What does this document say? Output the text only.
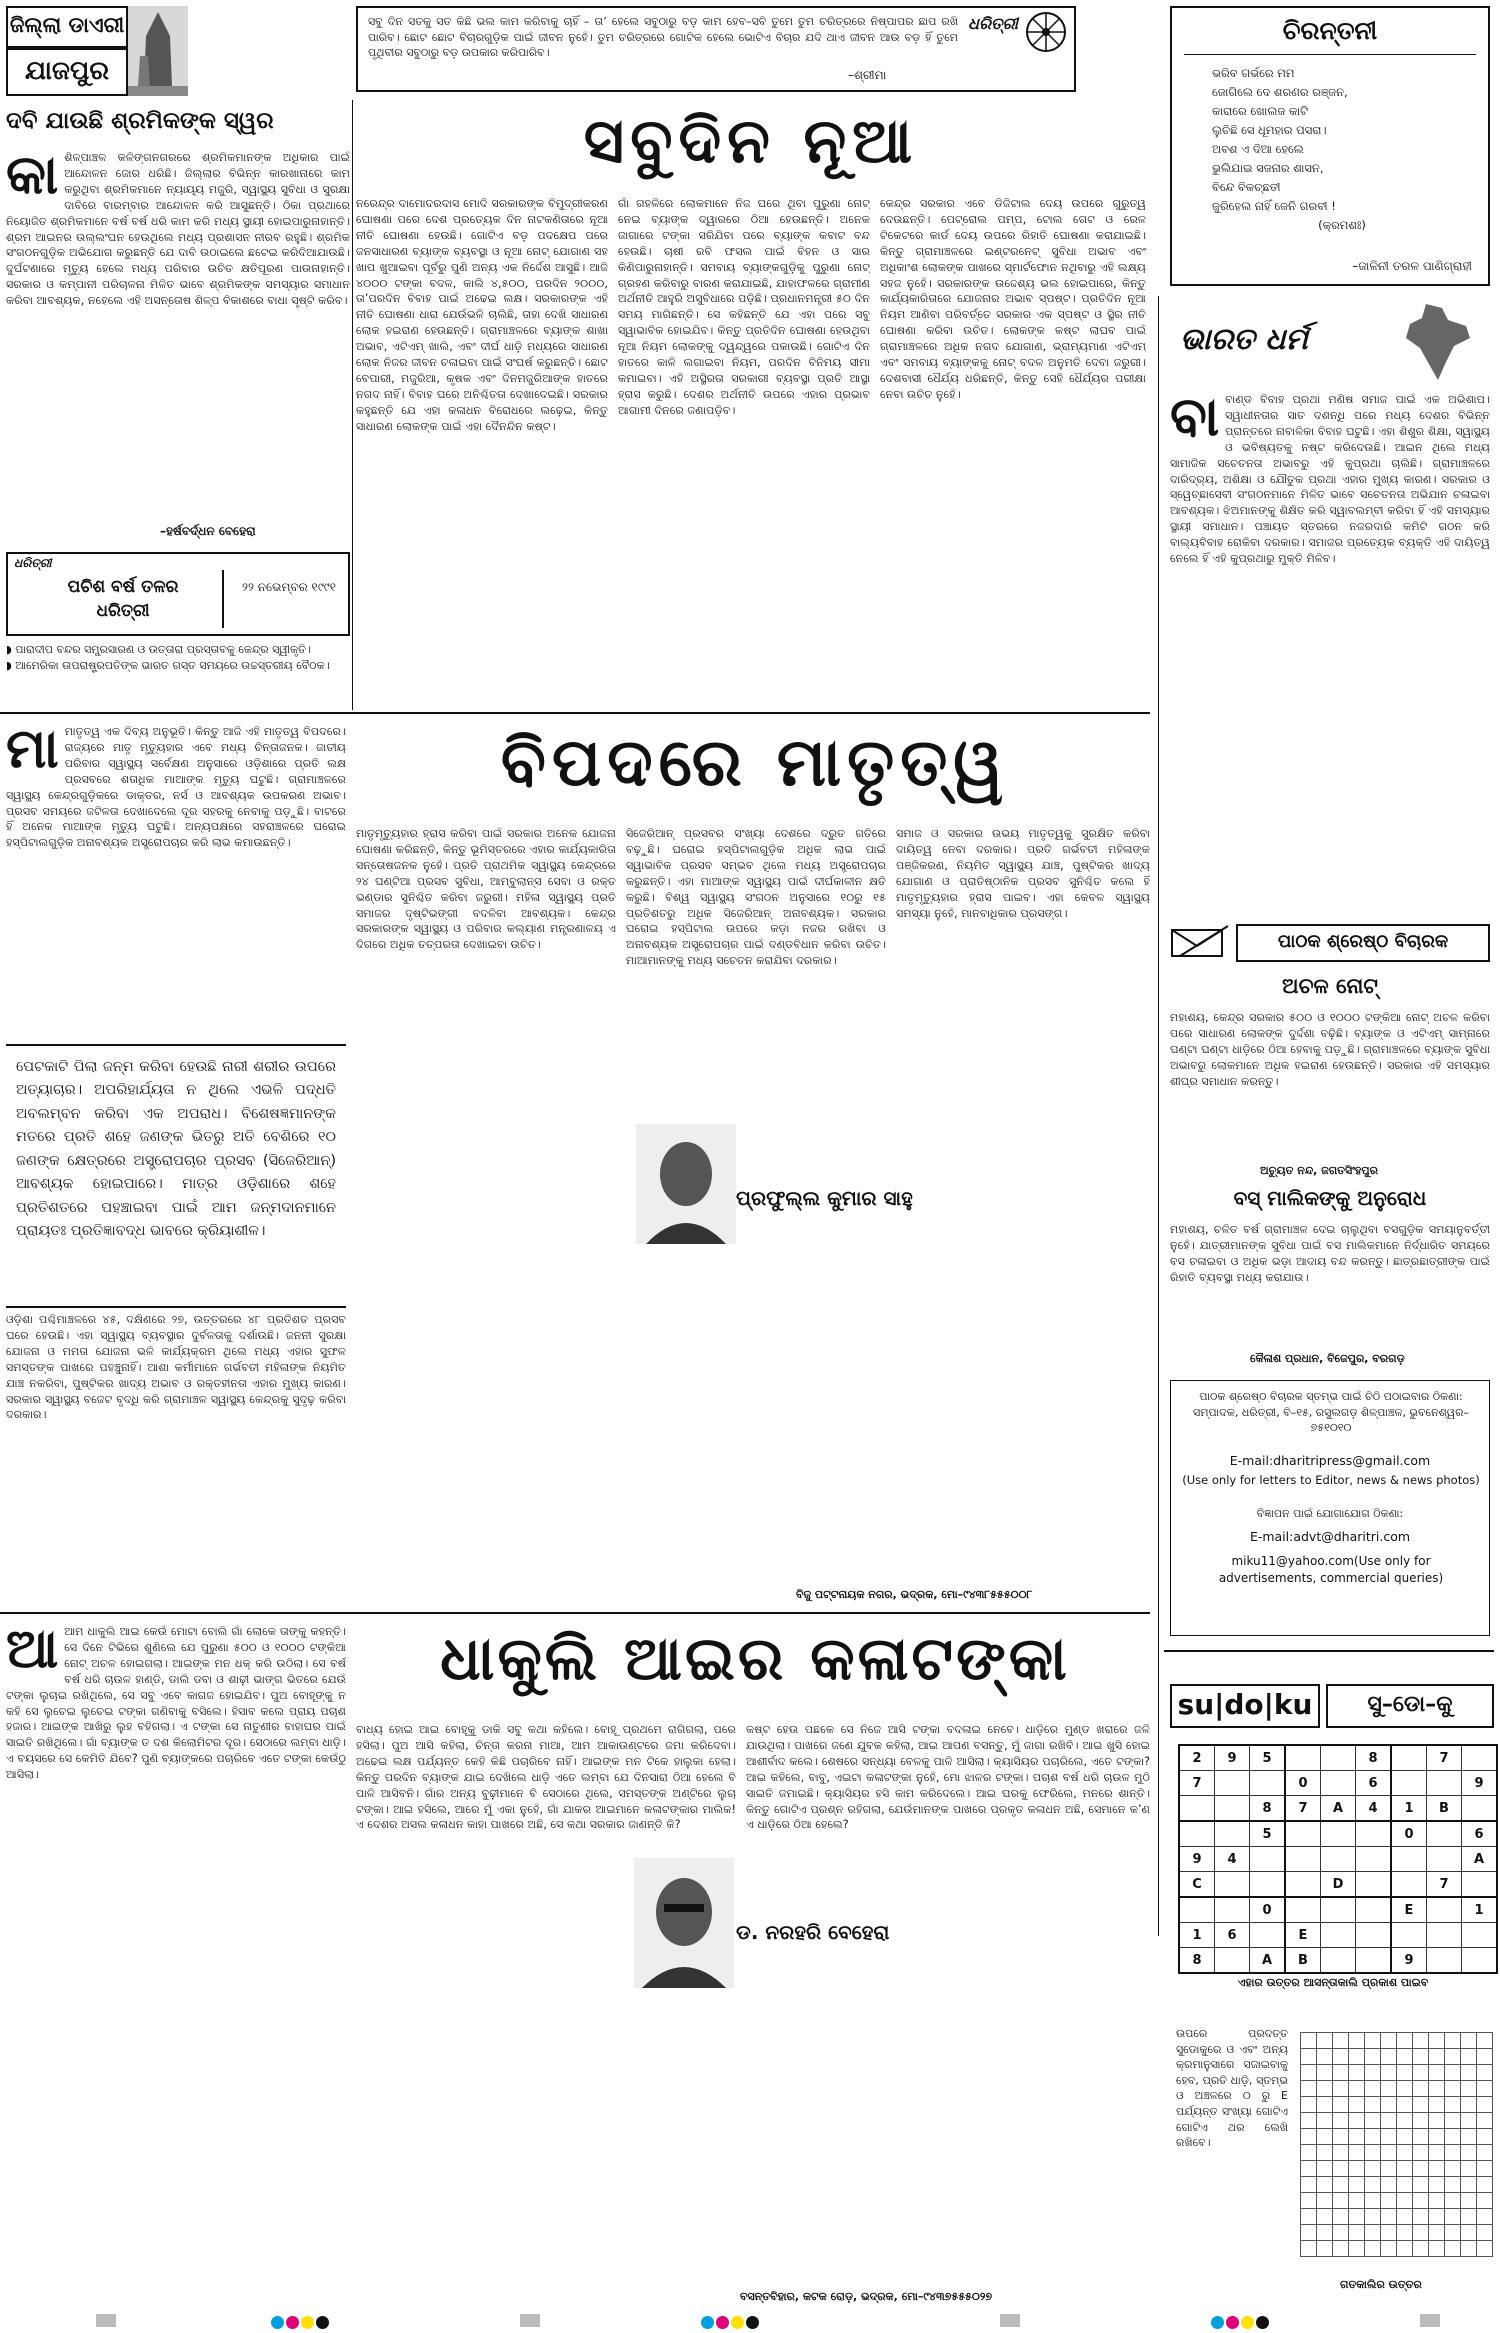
ଜିଲ୍ଲା ଡାଏରୀ
ଯାଜପୁର
ସବୁ ଦିନ ସତକୁ ସତ କିଛି ଭଲ କାମ କରିବାକୁ ଚାହିଁ – ତା’ ହେଲେ ସବୁଠାରୁ ବଡ଼ କାମ ହେବ–ସବି ତୁମେ ତୁମ ଚରିତ୍ରରେ ନିଷ୍ପାପର ଛାପ ରଖି ପାରିବ। ଛୋଟ ଛୋଟ ବିଚାରଗୁଡ଼ିକ ପାଇଁ ଜୀବନ ନୁହେଁ। ତୁମ ଚରିତ୍ରରେ ଗୋଟିକ ହେଲେ ଭୋଟିଏ ବିଚାର ଯଦି ଥାଏ ଜୀବନ ଆଉ ବଡ଼ ହିଁ ତୁମେ ପୃଥିବୀର ସବୁଠାରୁ ବଡ଼ ଉପକାର କରିପାରିବ।
–ଶ୍ରୀମା
ଧରିତ୍ରୀ	ଚିରନ୍ତନୀ
ଭରିବ ଗର୍ଭରେ ମମ
ଜୋଗିଲେ ଦେ ଶରଣର ରଞ୍ଜନ,
କାରାରେ ଖୋଲଜ କାଟି
ଲୁଚିଛି ସେ ଧୂମହାର ପସରା।
ଅବଶ ଏ ଦିଆ ହେଲେ
ଭୁଲିଯାଇ ସଜନାର ଶାସନ,
ବିନ୍ଦେ ବିକଚ୍ଛତୀ
ଜୁରିହେଲ ନାହିଁ ଜେନି ଗରବୀ !
(କ୍ରମଶଃ)
–ଜାଳିନୀ ତରଳ ପାଣିଗ୍ରାହୀ
ଦବି ଯାଉଛି ଶ୍ରମିକଙ୍କ ସ୍ୱର
କାଶିଳ୍ପାଞ୍ଚଳ କଳିଙ୍ଗନଗରରେ ଶ୍ରମିକମାନଙ୍କ ଅଧିକାର ପାଇଁ ଆନ୍ଦୋଳନ ଜୋର ଧରିଛି। ଜିଲ୍ଲାର ବିଭିନ୍ନ କାରଖାନାରେ କାମ କରୁଥିବା ଶ୍ରମିକମାନେ ନ୍ୟାୟ୍ୟ ମଜୁରି, ସ୍ୱାସ୍ଥ୍ୟ ସୁବିଧା ଓ ସୁରକ୍ଷା ଦାବିରେ ବାରମ୍ବାର ଆନ୍ଦୋଳନ କରି ଆସୁଛନ୍ତି। ଠିକା ପ୍ରଥାରେ ନିୟୋଜିତ ଶ୍ରମିକମାନେ ବର୍ଷ ବର୍ଷ ଧରି କାମ କରି ମଧ୍ୟ ସ୍ଥାୟୀ ହୋଇପାରୁନାହାନ୍ତି। ଶ୍ରମ ଆଇନର ଉଲ୍ଲଂଘନ ହେଉଥିଲେ ମଧ୍ୟ ପ୍ରଶାସନ ନୀରବ ରହୁଛି। ଶ୍ରମିକ ସଂଗଠନଗୁଡ଼ିକ ଅଭିଯୋଗ କରୁଛନ୍ତି ଯେ ଦାବି ଉଠାଇଲେ ଛଟେଇ କରିଦିଆଯାଉଛି। ଦୁର୍ଘଟଣାରେ ମୃତ୍ୟୁ ହେଲେ ମଧ୍ୟ ପରିବାର ଉଚିତ କ୍ଷତିପୂରଣ ପାଉନାହାନ୍ତି। ସରକାର ଓ କମ୍ପାନୀ ପରିଚାଳନା ମିଳିତ ଭାବେ ଶ୍ରମିକଙ୍କ ସମସ୍ୟାର ସମାଧାନ କରିବା ଆବଶ୍ୟକ, ନହେଲେ ଏହି ଅସନ୍ତୋଷ ଶିଳ୍ପ ବିକାଶରେ ବାଧା ସୃଷ୍ଟି କରିବ।
–ହର୍ଷବର୍ଦ୍ଧନ ବେହେରା
ଧରିତ୍ରୀ
ପଚିଶ ବର୍ଷ ତଳର ଧରିତ୍ରୀ
୨୨ ନଭେମ୍ବର ୧୯୯୧
◗ ପାରାଦୀପ ବନ୍ଦର ସମ୍ପ୍ରସାରଣ ଓ ଉତ୍ତାରା ପ୍ରସ୍ତାବକୁ କେନ୍ଦ୍ର ସ୍ୱୀକୃତି।
◗ ଆମେରିକା ଉପରାଷ୍ଟ୍ରପତିଙ୍କ ଭାରତ ଗସ୍ତ ସମୟରେ ଉଚ୍ଚସ୍ତରୀୟ ବୈଠକ।
ସବୁଦିନ ନୂଆ
ନରେନ୍ଦ୍ର ଦାମୋଦରଦାସ ମୋଦି ସରକାରଙ୍କ ବିମୁଦ୍ରୀକରଣ ଘୋଷଣା ପରେ ଦେଶ ପ୍ରତ୍ୟେକ ଦିନ ନାଟକଣିତାରେ ନୂଆ ନୀତି ଘୋଷଣା ହେଉଛି। ଗୋଟିଏ ବଡ଼ ପଦକ୍ଷେପ ପରେ ଜନସାଧାରଣ ବ୍ୟାଙ୍କ ବ୍ୟବସ୍ଥା ଓ ନୂଆ ନୋଟ୍ ଯୋଗାଣ ସହ ଖାପ ଖୁଆଇବା ପୂର୍ବରୁ ପୁଣି ଅନ୍ୟ ଏକ ନିର୍ଦ୍ଦେଶ ଆସୁଛି। ଆଜି ୪୦୦୦ ଟଙ୍କା ବଦଳ, କାଲି ୪,୫୦୦, ପରଦିନ ୨୦୦୦, ତା’ପରଦିନ ବିବାହ ପାଇଁ ଅଢେଇ ଲକ୍ଷ। ସରକାରଙ୍କ ଏହି ନୀତି ଘୋଷଣା ଧାରା ଯେଉଁଭଳି ଚାଲିଛି, ତାହା ଦେଖି ସାଧାରଣ ଲୋକ ହଇରାଣ ହେଉଛନ୍ତି। ଗ୍ରାମାଞ୍ଚଳରେ ବ୍ୟାଙ୍କ ଶାଖା ଅଭାବ, ଏଟିଏମ୍ ଖାଲି, ଏବଂ ଦୀର୍ଘ ଧାଡ଼ି ମଧ୍ୟରେ ସାଧାରଣ ଲୋକ ନିଜର ଜୀବନ ଚଳାଇବା ପାଇଁ ସଂଘର୍ଷ କରୁଛନ୍ତି। ଛୋଟ ବେପାରୀ, ମଜୁରିଆ, କୃଷକ ଏବଂ ଦିନମଜୁରିଆଙ୍କ ହାତରେ ନଗଦ ନାହିଁ। ବିବାହ ଘରେ ଅନିଶ୍ଚିତତା ଦେଖାଦେଇଛି। ସରକାର କହୁଛନ୍ତି ଯେ ଏହା କଳାଧନ ବିରୋଧରେ ଲଢ଼େଇ, କିନ୍ତୁ ସାଧାରଣ ଲୋକଙ୍କ ପାଇଁ ଏହା ଦୈନନ୍ଦିନ କଷ୍ଟ।
ଗାଁ ଗହଳିରେ ଲୋକମାନେ ନିଜ ଘରେ ଥିବା ପୁରୁଣା ନୋଟ୍ ନେଇ ବ୍ୟାଙ୍କ ଦ୍ୱାରରେ ଠିଆ ହେଉଛନ୍ତି। ଅନେକ ଜାଗାରେ ଟଙ୍କା ସରିଯିବା ପରେ ବ୍ୟାଙ୍କ କବାଟ ବନ୍ଦ ହେଉଛି। ଚାଷୀ ରବି ଫସଲ ପାଇଁ ବିହନ ଓ ସାର କିଣିପାରୁନାହାନ୍ତି। ସମବାୟ ବ୍ୟାଙ୍କଗୁଡ଼ିକୁ ପୁରୁଣା ନୋଟ୍ ଗ୍ରହଣ କରିବାରୁ ବାରଣ କରାଯାଇଛି, ଯାହାଫଳରେ ଗ୍ରାମୀଣ ଅର୍ଥନୀତି ଆହୁରି ଅସୁବିଧାରେ ପଡ଼ିଛି। ପ୍ରଧାନମନ୍ତ୍ରୀ ୫୦ ଦିନ ସମୟ ମାଗିଛନ୍ତି। ସେ କହିଛନ୍ତି ଯେ ଏହା ପରେ ସବୁ ସ୍ୱାଭାବିକ ହୋଇଯିବ। କିନ୍ତୁ ପ୍ରତିଦିନ ଘୋଷଣା ହେଉଥିବା ନୂଆ ନିୟମ ଲୋକଙ୍କୁ ଦ୍ୱନ୍ଦ୍ୱରେ ପକାଉଛି। ଗୋଟିଏ ଦିନ ହାତରେ କାଳି ଲଗାଇବା ନିୟମ, ପରଦିନ ବିନିମୟ ସୀମା କମାଇବା। ଏହି ଅସ୍ଥିରତା ସରକାରୀ ବ୍ୟବସ୍ଥା ପ୍ରତି ଆସ୍ଥା ହ୍ରାସ କରୁଛି। ଦେଶର ଅର୍ଥନୀତି ଉପରେ ଏହାର ପ୍ରଭାବ ଆଗାମୀ ଦିନରେ ଜଣାପଡ଼ିବ।
କେନ୍ଦ୍ର ସରକାର ଏବେ ଡିଜିଟାଲ ଦେୟ ଉପରେ ଗୁରୁତ୍ୱ ଦେଉଛନ୍ତି। ପେଟ୍ରୋଲ ପମ୍ପ, ଟୋଲ ଗେଟ ଓ ରେଳ ଟିକେଟରେ କାର୍ଡ ଦେୟ ଉପରେ ରିହାତି ଘୋଷଣା କରାଯାଇଛି। କିନ୍ତୁ ଗ୍ରାମାଞ୍ଚଳରେ ଇଣ୍ଟରନେଟ୍ ସୁବିଧା ଅଭାବ ଏବଂ ଅଧିକାଂଶ ଲୋକଙ୍କ ପାଖରେ ସ୍ମାର୍ଟଫୋନ ନଥିବାରୁ ଏହି ଲକ୍ଷ୍ୟ ସହଜ ନୁହେଁ। ସରକାରଙ୍କ ଉଦ୍ଦେଶ୍ୟ ଭଲ ହୋଇପାରେ, କିନ୍ତୁ କାର୍ଯ୍ୟକାରିତାରେ ଯୋଜନାର ଅଭାବ ସ୍ପଷ୍ଟ। ପ୍ରତିଦିନ ନୂଆ ନିୟମ ଆଣିବା ପରିବର୍ତ୍ତେ ସରକାର ଏକ ସ୍ପଷ୍ଟ ଓ ସ୍ଥିର ନୀତି ଘୋଷଣା କରିବା ଉଚିତ। ଲୋକଙ୍କ କଷ୍ଟ ଲାଘବ ପାଇଁ ଗ୍ରାମାଞ୍ଚଳରେ ଅଧିକ ନଗଦ ଯୋଗାଣ, ଭ୍ରାମ୍ୟମାଣ ଏଟିଏମ୍ ଏବଂ ସମବାୟ ବ୍ୟାଙ୍କକୁ ନୋଟ୍ ବଦଳ ଅନୁମତି ଦେବା ଜରୁରୀ। ଦେଶବାସୀ ଧୈର୍ଯ୍ୟ ଧରିଛନ୍ତି, କିନ୍ତୁ ସେହି ଧୈର୍ଯ୍ୟର ପରୀକ୍ଷା ନେବା ଉଚିତ ନୁହେଁ।
ଭାରତ ଧର୍ମ
ବାବାଣ୍ଡ ବିବାହ ପ୍ରଥା ମଣିଷ ସମାଜ ପାଇଁ ଏକ ଅଭିଶାପ। ସ୍ୱାଧୀନତାର ସାତ ଦଶନ୍ଧି ପରେ ମଧ୍ୟ ଦେଶର ବିଭିନ୍ନ ପ୍ରାନ୍ତରେ ନାବାଳିକା ବିବାହ ଘଟୁଛି। ଏହା ଶିଶୁର ଶିକ୍ଷା, ସ୍ୱାସ୍ଥ୍ୟ ଓ ଭବିଷ୍ୟତକୁ ନଷ୍ଟ କରିଦେଉଛି। ଆଇନ ଥିଲେ ମଧ୍ୟ ସାମାଜିକ ସଚେତନତା ଅଭାବରୁ ଏହି କୁପ୍ରଥା ଚାଲିଛି। ଗ୍ରାମାଞ୍ଚଳରେ ଦାରିଦ୍ର୍ୟ, ଅଶିକ୍ଷା ଓ ଯୌତୁକ ପ୍ରଥା ଏହାର ମୁଖ୍ୟ କାରଣ। ସରକାର ଓ ସ୍ୱେଚ୍ଛାସେବୀ ସଂଗଠନମାନେ ମିଳିତ ଭାବେ ସଚେତନତା ଅଭିଯାନ ଚଳାଇବା ଆବଶ୍ୟକ। ଝିଅମାନଙ୍କୁ ଶିକ୍ଷିତ କରି ସ୍ୱାବଲମ୍ବୀ କରିବା ହିଁ ଏହି ସମସ୍ୟାର ସ୍ଥାୟୀ ସମାଧାନ। ପଞ୍ଚାୟତ ସ୍ତରରେ ନଜରଦାରି କମିଟି ଗଠନ କରି ବାଲ୍ୟବିବାହ ରୋକିବା ଦରକାର। ସମାଜର ପ୍ରତ୍ୟେକ ବ୍ୟକ୍ତି ଏହି ଦାୟିତ୍ୱ ନେଲେ ହିଁ ଏହି କୁପ୍ରଥାରୁ ମୁକ୍ତି ମିଳିବ।
ପାଠକ ଶ୍ରେଷ୍ଠ ବିଚାରକ
ଅଚଳ ନୋଟ୍
ମହାଶୟ, କେନ୍ଦ୍ର ସରକାର ୫୦୦ ଓ ୧୦୦୦ ଟଙ୍କିଆ ନୋଟ୍ ଅଚଳ କରିବା ପରେ ସାଧାରଣ ଲୋକଙ୍କ ଦୁର୍ଦ୍ଦଶା ବଢ଼ିଛି। ବ୍ୟାଙ୍କ ଓ ଏଟିଏମ୍ ସାମ୍ନାରେ ଘଣ୍ଟା ଘଣ୍ଟା ଧାଡ଼ିରେ ଠିଆ ହେବାକୁ ପଡ଼ୁଛି। ଗ୍ରାମାଞ୍ଚଳରେ ବ୍ୟାଙ୍କ ସୁବିଧା ଅଭାବରୁ ଲୋକମାନେ ଅଧିକ ହଇରାଣ ହେଉଛନ୍ତି। ସରକାର ଏହି ସମସ୍ୟାର ଶୀଘ୍ର ସମାଧାନ କରନ୍ତୁ।
ଅଚ୍ୟୁତ ନନ୍ଦ, ଜଗତସିଂହପୁର
ବସ୍ ମାଲିକଙ୍କୁ ଅନୁରୋଧ
ମହାଶୟ, ଚଳିତ ବର୍ଷ ଗ୍ରାମାଞ୍ଚଳ ଦେଇ ଚାଲୁଥିବା ବସଗୁଡ଼ିକ ସମୟାନୁବର୍ତ୍ତୀ ନୁହେଁ। ଯାତ୍ରୀମାନଙ୍କ ସୁବିଧା ପାଇଁ ବସ ମାଲିକମାନେ ନିର୍ଦ୍ଧାରିତ ସମୟରେ ବସ ଚଳାଇବା ଓ ଅଧିକ ଭଡ଼ା ଆଦାୟ ବନ୍ଦ କରନ୍ତୁ। ଛାତ୍ରଛାତ୍ରୀଙ୍କ ପାଇଁ ରିହାତି ବ୍ୟବସ୍ଥା ମଧ୍ୟ କରାଯାଉ।
କୈଳାଶ ପ୍ରଧାନ, ବିଜେପୁର, ବରଗଡ଼
ପାଠକ ଶ୍ରେଷ୍ଠ ବିଚାରକ ସ୍ତମ୍ଭ ପାଇଁ ଚିଠି ପଠାଇବାର ଠିକଣା: ସମ୍ପାଦକ, ଧରିତ୍ରୀ, ବି–୧୫, ରସୁଲଗଡ଼ ଶିଳ୍ପାଞ୍ଚଳ, ଭୁବନେଶ୍ୱର–୭୫୧୦୧୦
E-mail:dharitripress@gmail.com
(Use only for letters to Editor, news & news photos)
ବିଜ୍ଞାପନ ପାଇଁ ଯୋଗାଯୋଗ ଠିକଣା:
E-mail:advt@dharitri.com
miku11@yahoo.com(Use only for advertisements, commercial queries)
ବିପଦରେ ମାତୃତ୍ୱ
ମାମାତୃତ୍ୱ ଏକ ଦିବ୍ୟ ଅନୁଭୂତି। କିନ୍ତୁ ଆଜି ଏହି ମାତୃତ୍ୱ ବିପଦରେ। ରାଜ୍ୟରେ ମାତୃ ମୃତ୍ୟୁହାର ଏବେ ମଧ୍ୟ ଚିନ୍ତାଜନକ। ଜାତୀୟ ପରିବାର ସ୍ୱାସ୍ଥ୍ୟ ସର୍ବେକ୍ଷଣ ଅନୁସାରେ ଓଡ଼ିଶାରେ ପ୍ରତି ଲକ୍ଷ ପ୍ରସବରେ ଶତାଧିକ ମାଆଙ୍କ ମୃତ୍ୟୁ ଘଟୁଛି। ଗ୍ରାମାଞ୍ଚଳରେ ସ୍ୱାସ୍ଥ୍ୟ କେନ୍ଦ୍ରଗୁଡ଼ିକରେ ଡାକ୍ତର, ନର୍ସ ଓ ଆବଶ୍ୟକ ଉପକରଣ ଅଭାବ। ପ୍ରସବ ସମୟରେ ଜଟିଳତା ଦେଖାଦେଲେ ଦୂର ସହରକୁ ନେବାକୁ ପଡ଼ୁଛି। ବାଟରେ ହିଁ ଅନେକ ମାଆଙ୍କ ମୃତ୍ୟୁ ଘଟୁଛି। ଅନ୍ୟପକ୍ଷରେ ସହରାଞ୍ଚଳରେ ଘରୋଇ ହସ୍ପିଟାଲଗୁଡ଼ିକ ଅନାବଶ୍ୟକ ଅସ୍ତ୍ରୋପଚାର କରି ଲାଭ କମାଉଛନ୍ତି।
ପେଟକାଟି ପିଲା ଜନ୍ମ କରିବା ହେଉଛି ନାରୀ ଶରୀର ଉପରେ ଅତ୍ୟାଚାର। ଅପରିହାର୍ଯ୍ୟତା ନ ଥିଲେ ଏଭଳି ପଦ୍ଧତି ଅବଲମ୍ବନ କରିବା ଏକ ଅପରାଧ। ବିଶେଷଜ୍ଞମାନଙ୍କ ମତରେ ପ୍ରତି ଶହେ ଜଣଙ୍କ ଭିତରୁ ଅତି ବେଶିରେ ୧୦ ଜଣଙ୍କ କ୍ଷେତ୍ରରେ ଅସ୍ତ୍ରୋପଚାର ପ୍ରସବ (ସିଜେରିଆନ୍) ଆବଶ୍ୟକ ହୋଇପାରେ। ମାତ୍ର ଓଡ଼ିଶାରେ ଶହେ ପ୍ରତିଶତରେ ପହଞ୍ଚାଇବା ପାଇଁ ଆମ ଜନ୍ମଦାନମାନେ ପ୍ରାୟତଃ ପ୍ରତିଜ୍ଞାବଦ୍ଧ ଭାବରେ କ୍ରିୟାଶୀଳ।
ଓଡ଼ିଶା ପଶ୍ଚିମାଞ୍ଚଳରେ ୪୫, ଦକ୍ଷିଣରେ ୨୭, ଉତ୍ତରରେ ୪୮ ପ୍ରତିଶତ ପ୍ରସବ ଘରେ ହେଉଛି। ଏହା ସ୍ୱାସ୍ଥ୍ୟ ବ୍ୟବସ୍ଥାର ଦୁର୍ବଳତାକୁ ଦର୍ଶାଉଛି। ଜନନୀ ସୁରକ୍ଷା ଯୋଜନା ଓ ମମତା ଯୋଜନା ଭଳି କାର୍ଯ୍ୟକ୍ରମ ଥିଲେ ମଧ୍ୟ ଏହାର ସୁଫଳ ସମସ୍ତଙ୍କ ପାଖରେ ପହଞ୍ଚୁନାହିଁ। ଆଶା କର୍ମୀମାନେ ଗର୍ଭବତୀ ମହିଳାଙ୍କ ନିୟମିତ ଯାଞ୍ଚ ନକରିବା, ପୁଷ୍ଟିକର ଖାଦ୍ୟ ଅଭାବ ଓ ରକ୍ତହୀନତା ଏହାର ମୁଖ୍ୟ କାରଣ। ସରକାର ସ୍ୱାସ୍ଥ୍ୟ ବଜେଟ ବୃଦ୍ଧି କରି ଗ୍ରାମାଞ୍ଚଳ ସ୍ୱାସ୍ଥ୍ୟ କେନ୍ଦ୍ରକୁ ସୁଦୃଢ଼ କରିବା ଦରକାର।
ମାତୃମୃତ୍ୟୁହାର ହ୍ରାସ କରିବା ପାଇଁ ସରକାର ଅନେକ ଯୋଜନା ଘୋଷଣା କରିଛନ୍ତି, କିନ୍ତୁ ଭୂମିସ୍ତରରେ ଏହାର କାର୍ଯ୍ୟକାରିତା ସନ୍ତୋଷଜନକ ନୁହେଁ। ପ୍ରତି ପ୍ରାଥମିକ ସ୍ୱାସ୍ଥ୍ୟ କେନ୍ଦ୍ରରେ ୨୪ ଘଣ୍ଟିଆ ପ୍ରସବ ସୁବିଧା, ଆମ୍ବୁଲାନ୍ସ ସେବା ଓ ରକ୍ତ ଭଣ୍ଡାର ସୁନିଶ୍ଚିତ କରିବା ଜରୁରୀ। ମହିଳା ସ୍ୱାସ୍ଥ୍ୟ ପ୍ରତି ସମାଜର ଦୃଷ୍ଟିଭଙ୍ଗୀ ବଦଳିବା ଆବଶ୍ୟକ। କେନ୍ଦ୍ର ସରକାରଙ୍କ ସ୍ୱାସ୍ଥ୍ୟ ଓ ପରିବାର କଲ୍ୟାଣ ମନ୍ତ୍ରଣାଳୟ ଏ ଦିଗରେ ଅଧିକ ତତ୍ପରତା ଦେଖାଇବା ଉଚିତ।
ସିଜେରିଆନ୍ ପ୍ରସବର ସଂଖ୍ୟା ଦେଶରେ ଦ୍ରୁତ ଗତିରେ ବଢ଼ୁଛି। ଘରୋଇ ହସ୍ପିଟାଲଗୁଡ଼ିକ ଅଧିକ ଲାଭ ପାଇଁ ସ୍ୱାଭାବିକ ପ୍ରସବ ସମ୍ଭବ ଥିଲେ ମଧ୍ୟ ଅସ୍ତ୍ରୋପଚାର କରୁଛନ୍ତି। ଏହା ମାଆଙ୍କ ସ୍ୱାସ୍ଥ୍ୟ ପାଇଁ ଦୀର୍ଘକାଳୀନ କ୍ଷତି କରୁଛି। ବିଶ୍ୱ ସ୍ୱାସ୍ଥ୍ୟ ସଂଗଠନ ଅନୁସାରେ ୧୦ରୁ ୧୫ ପ୍ରତିଶତରୁ ଅଧିକ ସିଜେରିଆନ୍ ଅନାବଶ୍ୟକ। ସରକାର ଘରୋଇ ହସ୍ପିଟାଲ ଉପରେ କଡ଼ା ନଜର ରଖିବା ଓ ଅନାବଶ୍ୟକ ଅସ୍ତ୍ରୋପଚାର ପାଇଁ ଦଣ୍ଡବିଧାନ କରିବା ଉଚିତ। ମାଆମାନଙ୍କୁ ମଧ୍ୟ ସଚେତନ କରାଯିବା ଦରକାର।
ସମାଜ ଓ ସରକାର ଉଭୟ ମାତୃତ୍ୱକୁ ସୁରକ୍ଷିତ କରିବା ଦାୟିତ୍ୱ ନେବା ଦରକାର। ପ୍ରତି ଗର୍ଭବତୀ ମହିଳାଙ୍କ ପଞ୍ଜିକରଣ, ନିୟମିତ ସ୍ୱାସ୍ଥ୍ୟ ଯାଞ୍ଚ, ପୁଷ୍ଟିକର ଖାଦ୍ୟ ଯୋଗାଣ ଓ ପ୍ରାତିଷ୍ଠାନିକ ପ୍ରସବ ସୁନିଶ୍ଚିତ କଲେ ହିଁ ମାତୃମୃତ୍ୟୁହାର ହ୍ରାସ ପାଇବ। ଏହା କେବଳ ସ୍ୱାସ୍ଥ୍ୟ ସମସ୍ୟା ନୁହେଁ, ମାନବାଧିକାର ପ୍ରସଙ୍ଗ।
ପ୍ରଫୁଲ୍ଲ କୁମାର ସାହୁ
ବିଜୁ ପଟ୍ଟନାୟକ ନଗର, ଭଦ୍ରକ, ମୋ–୯୪୩୮୫୫୫୦୦୮
ଧାକୁଲି ଆଇର କଳାଟଙ୍କା
ଆଆମ ଧାକୁଲି ଆଇ କେଉଁ ମୋଟା ବୋଲି ଗାଁ ଲୋକେ ତାଙ୍କୁ କହନ୍ତି। ସେ ଦିନେ ଟିଭିରେ ଶୁଣିଲେ ଯେ ପୁରୁଣା ୫୦୦ ଓ ୧୦୦୦ ଟଙ୍କିଆ ନୋଟ୍ ଅଚଳ ହୋଇଗଲା। ଆଇଙ୍କ ମନ ଧକ୍ କରି ଉଠିଲା। ସେ ବର୍ଷ ବର୍ଷ ଧରି ଚାଉଳ ହାଣ୍ଡି, ଡାଲି ଡବା ଓ ଶାଢ଼ୀ ଭାଙ୍ଗ ଭିତରେ ଯେଉଁ ଟଙ୍କା ଲୁଚାଇ ରଖିଥିଲେ, ସେ ସବୁ ଏବେ କାଗଜ ହୋଇଯିବ। ପୁଅ ବୋହୂଙ୍କୁ ନ କହି ସେ ଲୁଚେଇ ଲୁଚେଇ ଟଙ୍କା ଗଣିବାକୁ ବସିଲେ। ହିସାବ କଲେ ପ୍ରାୟ ପଚାଶ ହଜାର। ଆଇଙ୍କ ଆଖିରୁ ଲୁହ ବହିଗଲା। ଏ ଟଙ୍କା ସେ ନାତୁଣୀର ବାହାଘର ପାଇଁ ସାଇତି ରଖିଥିଲେ। ଗାଁ ବ୍ୟାଙ୍କ ତ ଦଶ କିଲୋମିଟର ଦୂର। ସେଠାରେ ଲମ୍ବା ଧାଡ଼ି। ଏ ବୟସରେ ସେ କେମିତି ଯିବେ? ପୁଣି ବ୍ୟାଙ୍କରେ ପଚାରିବେ ଏତେ ଟଙ୍କା କେଉଁଠୁ ଆସିଲା।
ବାଧ୍ୟ ହୋଇ ଆଇ ବୋହୂକୁ ଡାକି ସବୁ କଥା କହିଲେ। ବୋହୂ ପ୍ରଥମେ ରାଗିଗଲା, ପରେ ହସିଲା। ପୁଅ ଆସି କହିଲା, ଚିନ୍ତା କରନା ମାଆ, ଆମ ଆକାଉଣ୍ଟରେ ଜମା କରିଦେବା। ଅଢେଇ ଲକ୍ଷ ପର୍ଯ୍ୟନ୍ତ କେହି କିଛି ପଚାରିବେ ନାହିଁ। ଆଇଙ୍କ ମନ ଟିକେ ହାଲୁକା ହେଲା। କିନ୍ତୁ ପରଦିନ ବ୍ୟାଙ୍କ ଯାଇ ଦେଖିଲେ ଧାଡ଼ି ଏତେ ଲମ୍ବା ଯେ ଦିନସାରା ଠିଆ ହେଲେ ବି ପାଳି ଆସିବନି। ଗାଁର ଅନ୍ୟ ବୁଢ଼ୀମାନେ ବି ସେଠାରେ ଥିଲେ, ସମସ୍ତଙ୍କ ଅଣ୍ଟିରେ ଲୁଚା ଟଙ୍କା। ଆଇ ହସିଲେ, ଆରେ ମୁଁ ଏକା ନୁହେଁ, ଗାଁ ଯାକର ଆଇମାନେ କଳାଟଙ୍କାର ମାଲିକ! ଏ ଦେଶର ଅସଲ କଳାଧନ କାହା ପାଖରେ ଅଛି, ସେ କଥା ସରକାର ଜାଣନ୍ତି କି?
କଷ୍ଟ ହେଉ ପଛକେ ସେ ନିଜେ ଆସି ଟଙ୍କା ବଦଳାଇ ନେବେ। ଧାଡ଼ିରେ ମୁଣ୍ଡ ଖରାରେ ଜଳି ଯାଉଥିଲା। ପାଖରେ ଜଣେ ଯୁବକ କହିଲା, ଆଇ ଆପଣ ବସନ୍ତୁ, ମୁଁ ଜାଗା ରଖିବି। ଆଇ ଖୁସି ହୋଇ ଆଶୀର୍ବାଦ କଲେ। ଶେଷରେ ସନ୍ଧ୍ୟା ବେଳକୁ ପାଳି ଆସିଲା। କ୍ୟାସିୟର ପଚାରିଲେ, ଏତେ ଟଙ୍କା? ଆଇ କହିଲେ, ବାବୁ, ଏଇଟା କଳାଟଙ୍କା ନୁହେଁ, ମୋ ଝାଳର ଟଙ୍କା। ପଚାଶ ବର୍ଷ ଧରି ଚାଉଳ ମୁଠି ସାଇତି ଜମାଇଛି। କ୍ୟାସିୟର ହସି କାମ କରିଦେଲେ। ଆଇ ଘରକୁ ଫେରିଲେ, ମନରେ ଶାନ୍ତି। କିନ୍ତୁ ଗୋଟିଏ ପ୍ରଶ୍ନ ରହିଗଲା, ଯେଉଁମାନଙ୍କ ପାଖରେ ପ୍ରକୃତ କଳାଧନ ଅଛି, ସେମାନେ କ’ଣ ଏ ଧାଡ଼ିରେ ଠିଆ ହେଲେ?
ଡ. ନରହରି ବେହେରା
ବସନ୍ତବିହାର, କଟକ ରୋଡ଼, ଭଦ୍ରକ, ମୋ–୯୪୩୭୫୫୫୦୨୭
su|do|ku	ସୁ–ଡୋ–କୁ
2	9	5			8		7	
7			0		6			9
		8	7	A	4	1	B	
		5				0		6
9	4							A
C				D			7	
		0				E		1
1	6		E					
8		A	B			9		
ଏହାର ଉତ୍ତର ଆସନ୍ତାକାଲି ପ୍ରକାଶ ପାଇବ
ଉପରେ ପ୍ରଦତ୍ତ ସୁଡୋକୁରେ ଓ ଏବଂ ଅନ୍ୟ କ୍ରମାନୁସାରେ ସଜାଇବାକୁ ହେବ, ପ୍ରତି ଧାଡ଼ି, ସ୍ତମ୍ଭ ଓ ଅଞ୍ଚଳରେ ୦ ରୁ E ପର୍ଯ୍ୟନ୍ତ ସଂଖ୍ୟା ଗୋଟିଏ ଗୋଟିଏ ଥର ଲେଖି ରଖିବେ।

ଗତକାଲିର ଉତ୍ତର
